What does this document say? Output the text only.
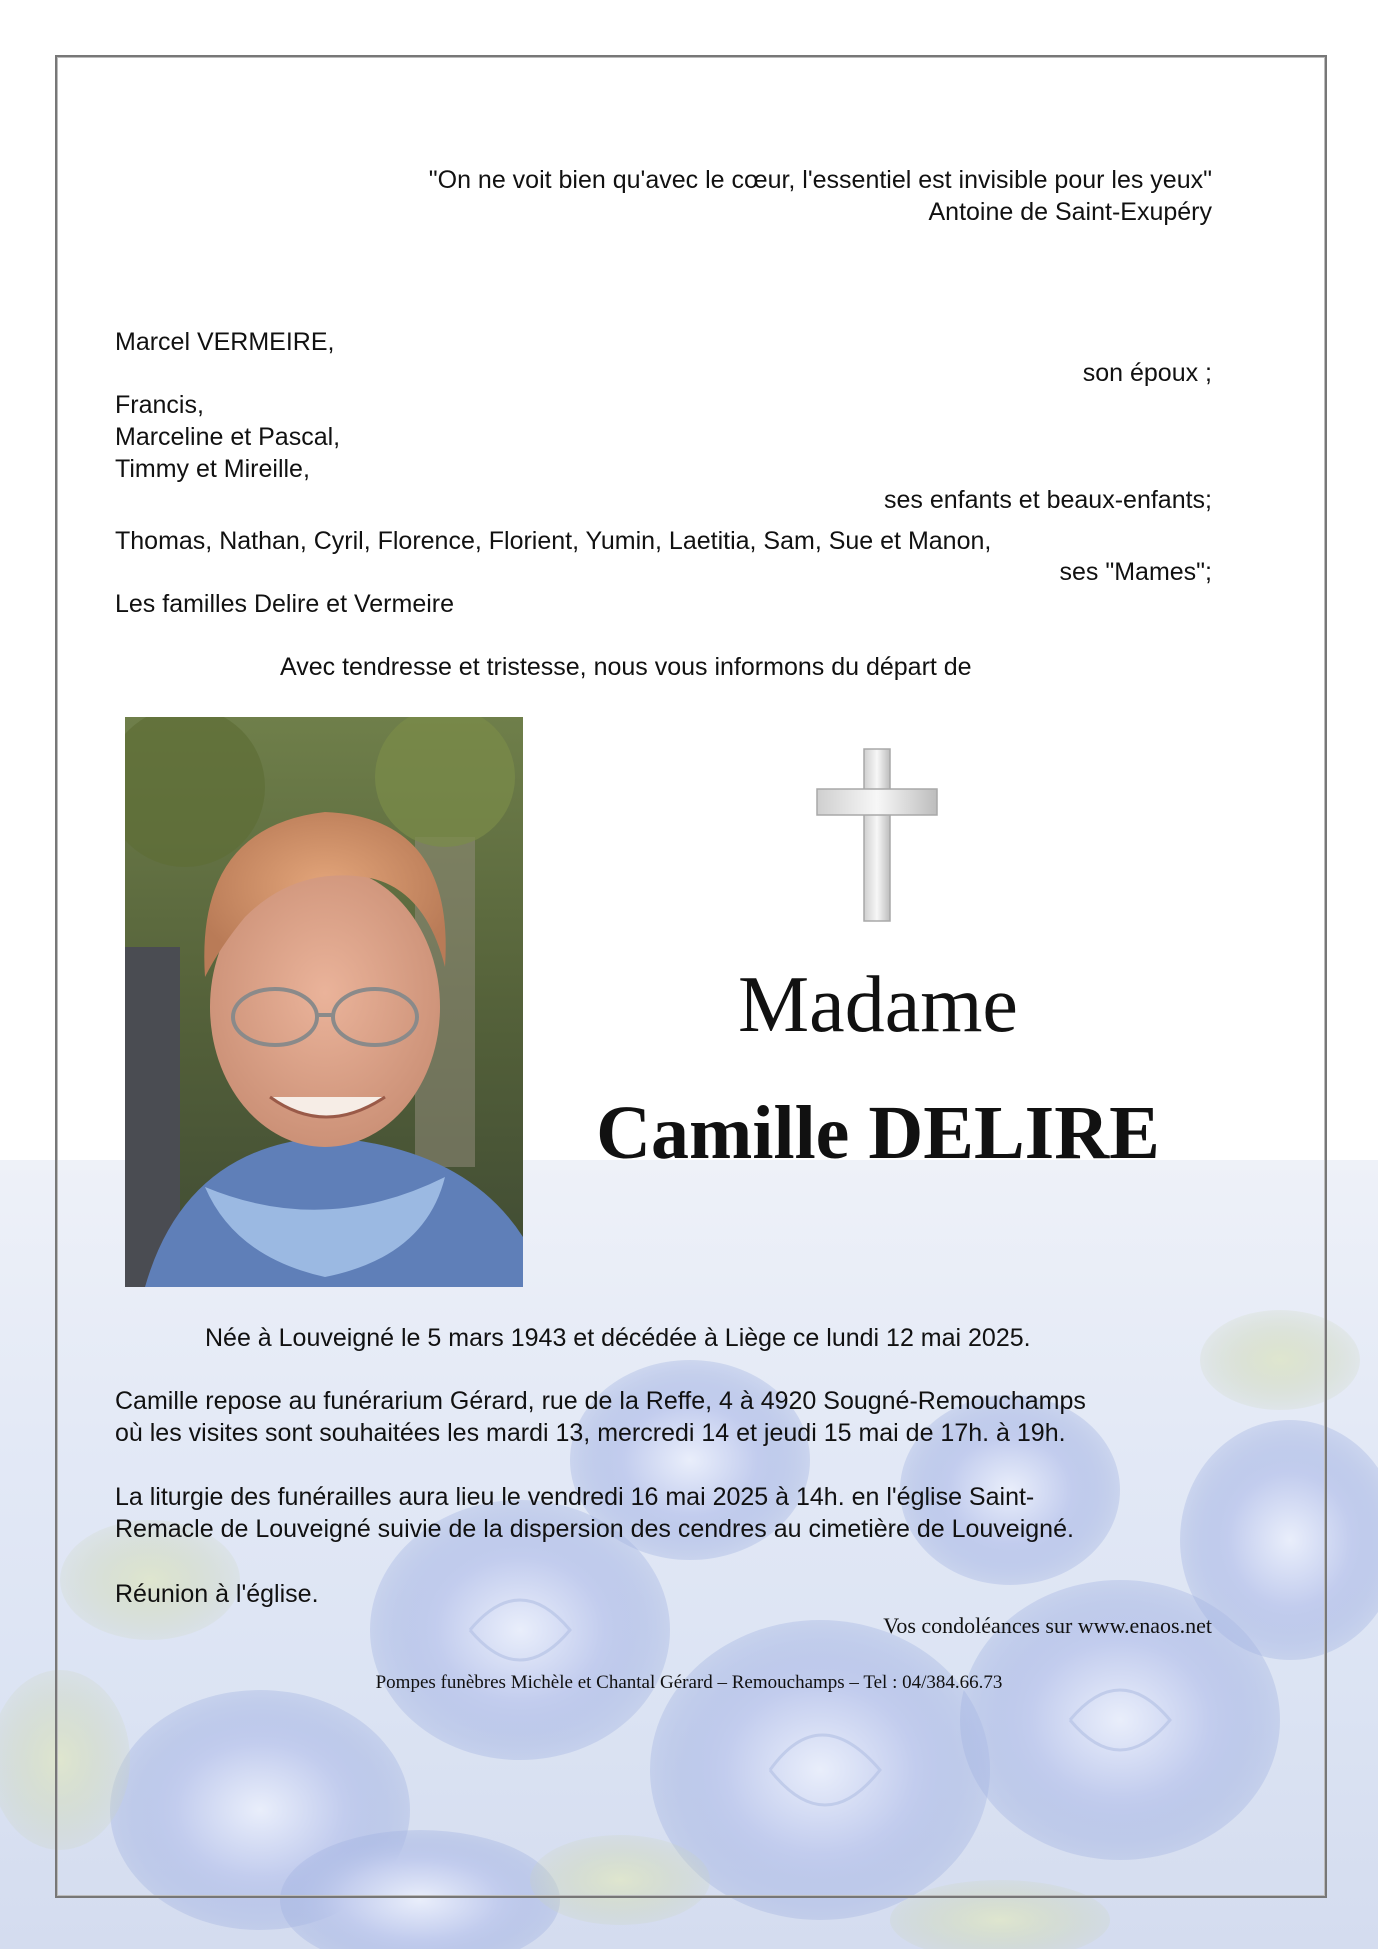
"On ne voit bien qu'avec le cœur, l'essentiel est invisible pour les yeux"
Antoine de Saint-Exupéry
Marcel VERMEIRE,
son époux ;
Francis,
Marceline et Pascal,
Timmy et Mireille,
ses enfants et beaux-enfants;
Thomas, Nathan, Cyril, Florence, Florient, Yumin, Laetitia, Sam, Sue et Manon,
ses "Mames";
Les familles Delire et Vermeire
Avec tendresse et tristesse, nous vous informons du départ de
Madame
Camille DELIRE
Née à Louveigné le 5 mars 1943 et décédée à Liège ce lundi 12 mai 2025.
Camille repose au funérarium Gérard, rue de la Reffe, 4 à 4920 Sougné-Remouchamps
où les visites sont souhaitées les mardi 13, mercredi 14 et jeudi 15 mai de 17h. à 19h.
La liturgie des funérailles aura lieu le vendredi 16 mai 2025 à 14h. en l'église Saint-
Remacle de Louveigné suivie de la dispersion des cendres au cimetière de Louveigné.
Réunion à l'église.
Vos condoléances sur www.enaos.net
Pompes funèbres Michèle et Chantal Gérard – Remouchamps – Tel : 04/384.66.73
